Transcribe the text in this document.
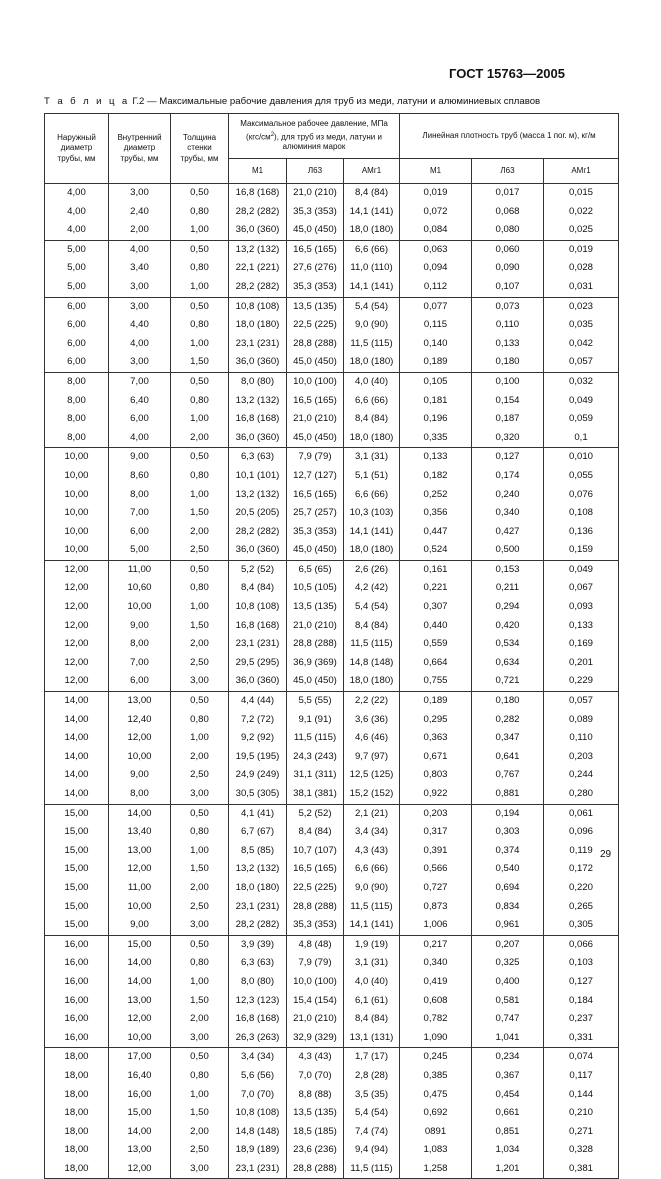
ГОСТ 15763—2005
Т а б л и ц а Г.2 — Максимальные рабочие давления для труб из меди, латуни и алюминиевых сплавов
Наружный диаметр трубы, мм	Внутренний диаметр трубы, мм	Толщина стенки трубы, мм	Максимальное рабочее давление, МПа $(кгс/см^2)$, для труб из меди, латуни и алюминия марок			Линейная плотность труб (масса 1 пог. м), кг/м		
			М1	Л63	АМг1	М1	Л63	АМг1
4,00	3,00	0,50	16,8 (168)	21,0 (210)	8,4 (84)	0,019	0,017	0,015
4,00	2,40	0,80	28,2 (282)	35,3 (353)	14,1 (141)	0,072	0,068	0,022
4,00	2,00	1,00	36,0 (360)	45,0 (450)	18,0 (180)	0,084	0,080	0,025
5,00	4,00	0,50	13,2 (132)	16,5 (165)	6,6 (66)	0,063	0,060	0,019
5,00	3,40	0,80	22,1 (221)	27,6 (276)	11,0 (110)	0,094	0,090	0,028
5,00	3,00	1,00	28,2 (282)	35,3 (353)	14,1 (141)	0,112	0,107	0,031
6,00	3,00	0,50	10,8 (108)	13,5 (135)	5,4 (54)	0,077	0,073	0,023
6,00	4,40	0,80	18,0 (180)	22,5 (225)	9,0 (90)	0,115	0,110	0,035
6,00	4,00	1,00	23,1 (231)	28,8 (288)	11,5 (115)	0,140	0,133	0,042
6,00	3,00	1,50	36,0 (360)	45,0 (450)	18,0 (180)	0,189	0,180	0,057
8,00	7,00	0,50	8,0 (80)	10,0 (100)	4,0 (40)	0,105	0,100	0,032
8,00	6,40	0,80	13,2 (132)	16,5 (165)	6,6 (66)	0,181	0,154	0,049
8,00	6,00	1,00	16,8 (168)	21,0 (210)	8,4 (84)	0,196	0,187	0,059
8,00	4,00	2,00	36,0 (360)	45,0 (450)	18,0 (180)	0,335	0,320	0,1
10,00	9,00	0,50	6,3 (63)	7,9 (79)	3,1 (31)	0,133	0,127	0,010
10,00	8,60	0,80	10,1 (101)	12,7 (127)	5,1 (51)	0,182	0,174	0,055
10,00	8,00	1,00	13,2 (132)	16,5 (165)	6,6 (66)	0,252	0,240	0,076
10,00	7,00	1,50	20,5 (205)	25,7 (257)	10,3 (103)	0,356	0,340	0,108
10,00	6,00	2,00	28,2 (282)	35,3 (353)	14,1 (141)	0,447	0,427	0,136
10,00	5,00	2,50	36,0 (360)	45,0 (450)	18,0 (180)	0,524	0,500	0,159
12,00	11,00	0,50	5,2 (52)	6,5 (65)	2,6 (26)	0,161	0,153	0,049
12,00	10,60	0,80	8,4 (84)	10,5 (105)	4,2 (42)	0,221	0,211	0,067
12,00	10,00	1,00	10,8 (108)	13,5 (135)	5,4 (54)	0,307	0,294	0,093
12,00	9,00	1,50	16,8 (168)	21,0 (210)	8,4 (84)	0,440	0,420	0,133
12,00	8,00	2,00	23,1 (231)	28,8 (288)	11,5 (115)	0,559	0,534	0,169
12,00	7,00	2,50	29,5 (295)	36,9 (369)	14,8 (148)	0,664	0,634	0,201
12,00	6,00	3,00	36,0 (360)	45,0 (450)	18,0 (180)	0,755	0,721	0,229
14,00	13,00	0,50	4,4 (44)	5,5 (55)	2,2 (22)	0,189	0,180	0,057
14,00	12,40	0,80	7,2 (72)	9,1 (91)	3,6 (36)	0,295	0,282	0,089
14,00	12,00	1,00	9,2 (92)	11,5 (115)	4,6 (46)	0,363	0,347	0,110
14,00	10,00	2,00	19,5 (195)	24,3 (243)	9,7 (97)	0,671	0,641	0,203
14,00	9,00	2,50	24,9 (249)	31,1 (311)	12,5 (125)	0,803	0,767	0,244
14,00	8,00	3,00	30,5 (305)	38,1 (381)	15,2 (152)	0,922	0,881	0,280
15,00	14,00	0,50	4,1 (41)	5,2 (52)	2,1 (21)	0,203	0,194	0,061
15,00	13,40	0,80	6,7 (67)	8,4 (84)	3,4 (34)	0,317	0,303	0,096
15,00	13,00	1,00	8,5 (85)	10,7 (107)	4,3 (43)	0,391	0,374	0,119
15,00	12,00	1,50	13,2 (132)	16,5 (165)	6,6 (66)	0,566	0,540	0,172
15,00	11,00	2,00	18,0 (180)	22,5 (225)	9,0 (90)	0,727	0,694	0,220
15,00	10,00	2,50	23,1 (231)	28,8 (288)	11,5 (115)	0,873	0,834	0,265
15,00	9,00	3,00	28,2 (282)	35,3 (353)	14,1 (141)	1,006	0,961	0,305
16,00	15,00	0,50	3,9 (39)	4,8 (48)	1,9 (19)	0,217	0,207	0,066
16,00	14,00	0,80	6,3 (63)	7,9 (79)	3,1 (31)	0,340	0,325	0,103
16,00	14,00	1,00	8,0 (80)	10,0 (100)	4,0 (40)	0,419	0,400	0,127
16,00	13,00	1,50	12,3 (123)	15,4 (154)	6,1 (61)	0,608	0,581	0,184
16,00	12,00	2,00	16,8 (168)	21,0 (210)	8,4 (84)	0,782	0,747	0,237
16,00	10,00	3,00	26,3 (263)	32,9 (329)	13,1 (131)	1,090	1,041	0,331
18,00	17,00	0,50	3,4 (34)	4,3 (43)	1,7 (17)	0,245	0,234	0,074
18,00	16,40	0,80	5,6 (56)	7,0 (70)	2,8 (28)	0,385	0,367	0,117
18,00	16,00	1,00	7,0 (70)	8,8 (88)	3,5 (35)	0,475	0,454	0,144
18,00	15,00	1,50	10,8 (108)	13,5 (135)	5,4 (54)	0,692	0,661	0,210
18,00	14,00	2,00	14,8 (148)	18,5 (185)	7,4 (74)	0891	0,851	0,271
18,00	13,00	2,50	18,9 (189)	23,6 (236)	9,4 (94)	1,083	1,034	0,328
18,00	12,00	3,00	23,1 (231)	28,8 (288)	11,5 (115)	1,258	1,201	0,381
29
